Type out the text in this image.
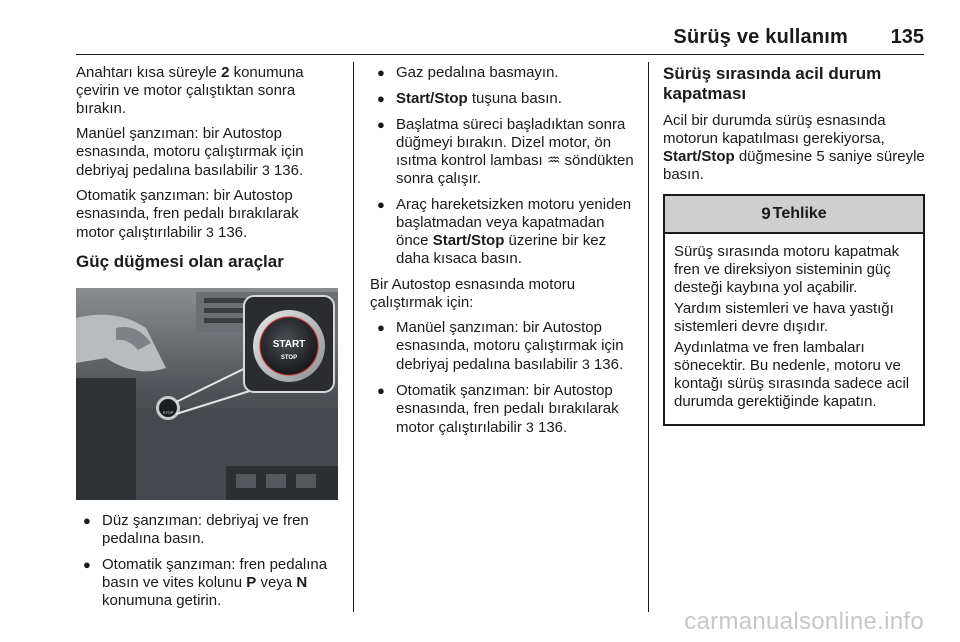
Sürüş ve kullanım 135

Anahtarı kısa süreyle 2 konumuna çevirin ve motor çalıştıktan sonra bırakın.

Manüel şanzıman: bir Autostop esnasında, motoru çalıştırmak için debriyaj pedalına basılabilir 3 136.

Otomatik şanzıman: bir Autostop esnasında, fren pedalı bırakılarak motor çalıştırılabilir 3 136.

Güç düğmesi olan araçlar
START
STOP
STOP
● Düz şanzıman: debriyaj ve fren pedalına basın.
● Otomatik şanzıman: fren pedalına basın ve vites kolunu P veya N konumuna getirin.
● Gaz pedalına basmayın.
● Start/Stop tuşuna basın.
● Başlatma süreci başladıktan sonra düğmeyi bırakın. Dizel motor, ön ısıtma kontrol lambası ♒ söndükten sonra çalışır.
● Araç hareketsizken motoru yeniden başlatmadan veya kapatmadan önce Start/Stop üzerine bir kez daha kısaca basın.

Bir Autostop esnasında motoru çalıştırmak için:

● Manüel şanzıman: bir Autostop esnasında, motoru çalıştırmak için debriyaj pedalına basılabilir 3 136.
● Otomatik şanzıman: bir Autostop esnasında, fren pedalı bırakılarak motor çalıştırılabilir 3 136.
Sürüş sırasında acil durum kapatması

Acil bir durumda sürüş esnasında motorun kapatılması gerekiyorsa, Start/Stop düğmesine 5 saniye süreyle basın.

9 Tehlike

Sürüş sırasında motoru kapatmak fren ve direksiyon sisteminin güç desteği kaybına yol açabilir.

Yardım sistemleri ve hava yastığı sistemleri devre dışıdır.

Aydınlatma ve fren lambaları sönecektir. Bu nedenle, motoru ve kontağı sürüş sırasında sadece acil durumda gerektiğinde kapatın.

carmanualsonline.info
